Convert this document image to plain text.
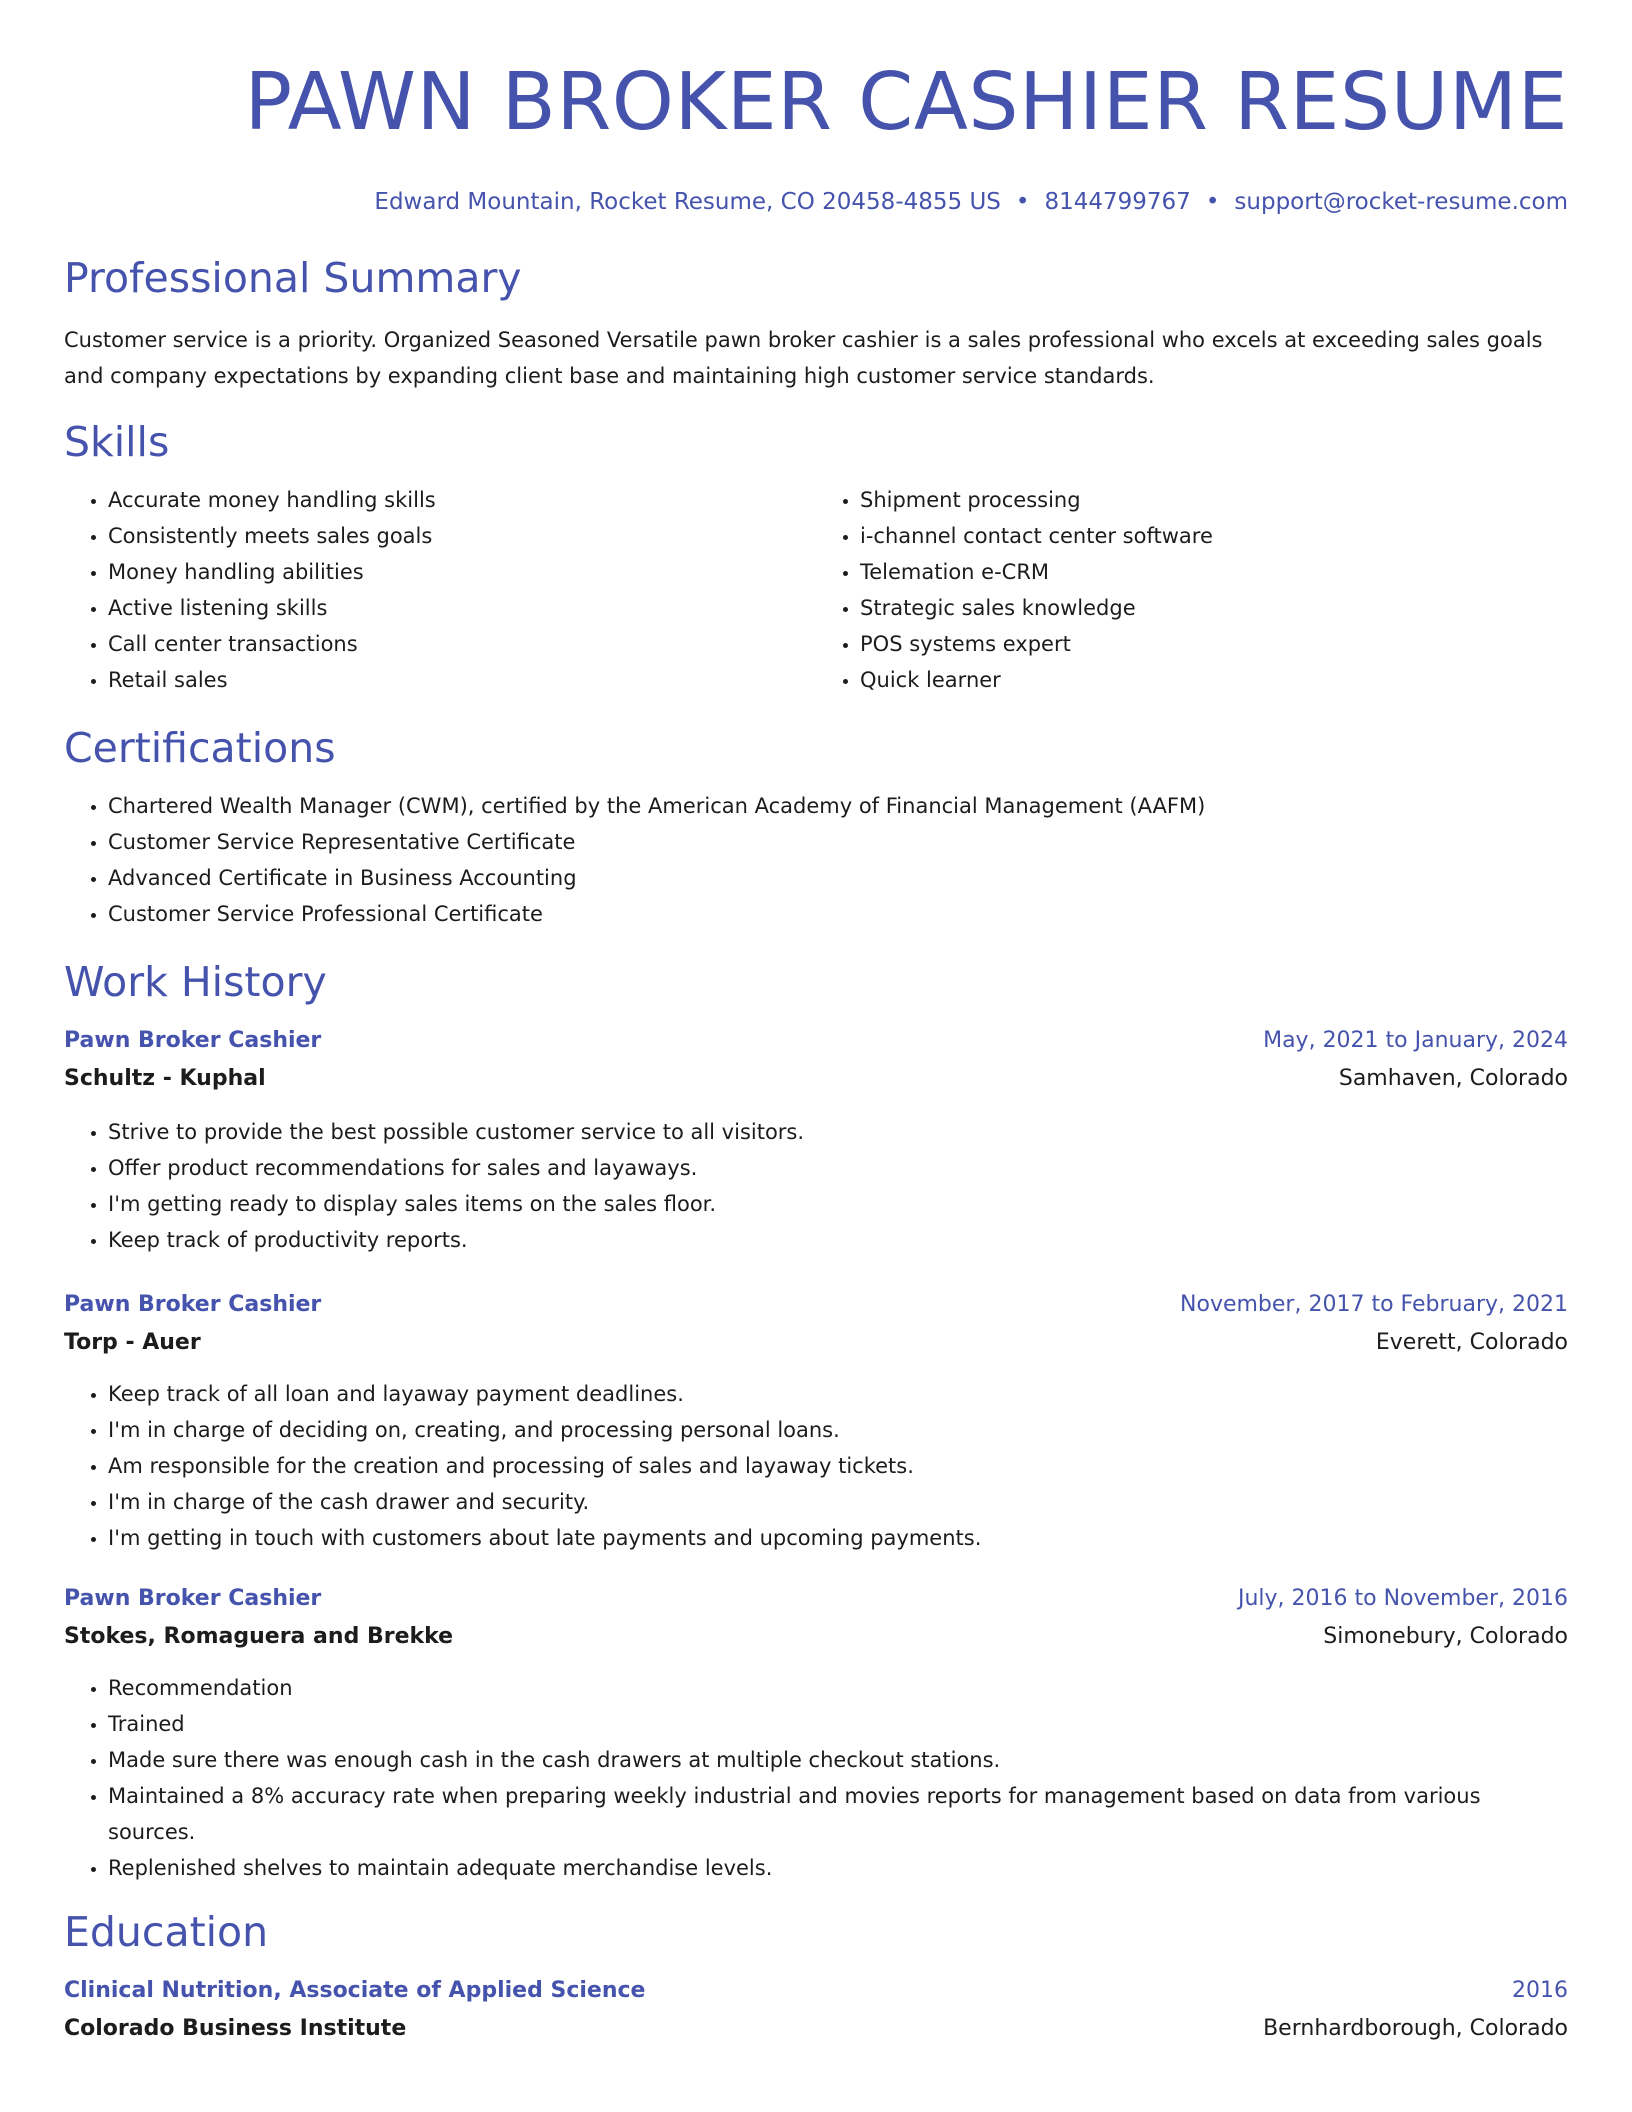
PAWN BROKER CASHIER RESUME
Edward Mountain, Rocket Resume, CO 20458-4855 US • 8144799767 • support@rocket-resume.com
Professional Summary

Customer service is a priority. Organized Seasoned Versatile pawn broker cashier is a sales professional who excels at exceeding sales goals and company expectations by expanding client base and maintaining high customer service standards.

Skills
• Accurate money handling skills
• Consistently meets sales goals
• Money handling abilities
• Active listening skills
• Call center transactions
• Retail sales
• Shipment processing
• i-channel contact center software
• Telemation e-CRM
• Strategic sales knowledge
• POS systems expert
• Quick learner
Certifications
• Chartered Wealth Manager (CWM), certified by the American Academy of Financial Management (AAFM)
• Customer Service Representative Certificate
• Advanced Certificate in Business Accounting
• Customer Service Professional Certificate
Work History
Pawn Broker Cashier	May, 2021 to January, 2024
Schultz - Kuphal	Samhaven, Colorado
• Strive to provide the best possible customer service to all visitors.
• Offer product recommendations for sales and layaways.
• I'm getting ready to display sales items on the sales floor.
• Keep track of productivity reports.
Pawn Broker Cashier	November, 2017 to February, 2021
Torp - Auer	Everett, Colorado
• Keep track of all loan and layaway payment deadlines.
• I'm in charge of deciding on, creating, and processing personal loans.
• Am responsible for the creation and processing of sales and layaway tickets.
• I'm in charge of the cash drawer and security.
• I'm getting in touch with customers about late payments and upcoming payments.
Pawn Broker Cashier	July, 2016 to November, 2016
Stokes, Romaguera and Brekke	Simonebury, Colorado
• Recommendation
• Trained
• Made sure there was enough cash in the cash drawers at multiple checkout stations.
• Maintained a 8% accuracy rate when preparing weekly industrial and movies reports for management based on data from various sources.
• Replenished shelves to maintain adequate merchandise levels.
Education
Clinical Nutrition, Associate of Applied Science	2016
Colorado Business Institute	Bernhardborough, Colorado
